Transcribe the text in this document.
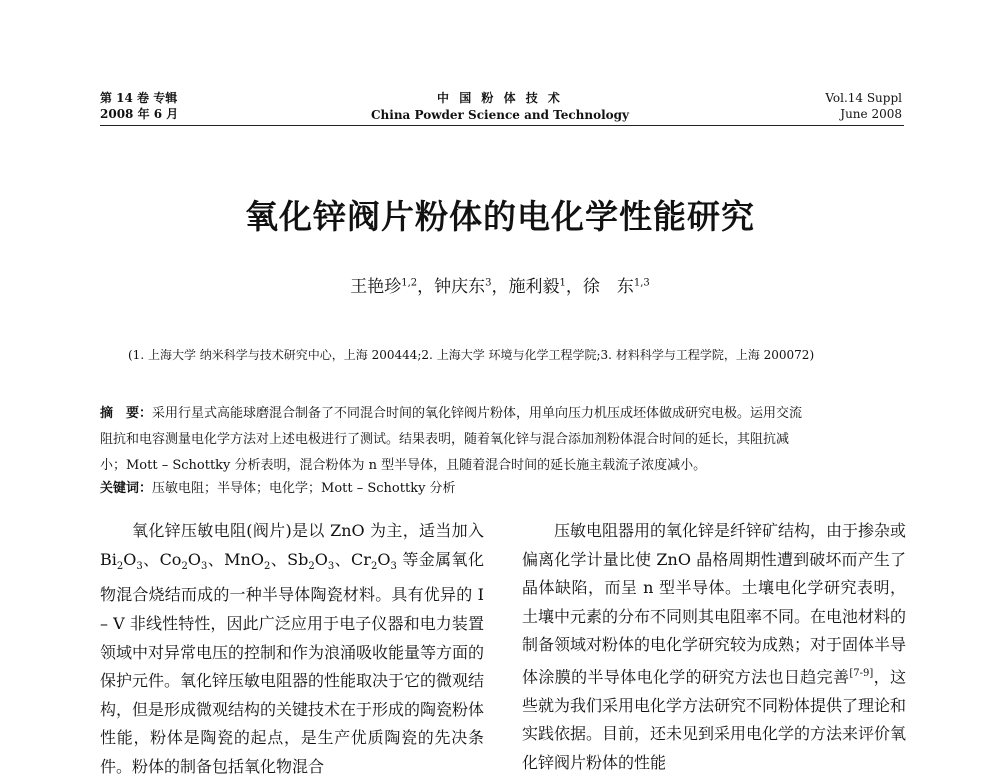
第 14 卷 专辑
2008 年 6 月
中 国 粉 体 技 术
China Powder Science and Technology
Vol.14 Suppl
June 2008
氧化锌阀片粉体的电化学性能研究
王艳珍$^{1,2}$，钟庆东$^3$，施利毅$^1$，徐　东$^{1,3}$
(1. 上海大学 纳米科学与技术研究中心，上海 200444;2. 上海大学 环境与化学工程学院;3. 材料科学与工程学院，上海 200072)
摘　要：采用行星式高能球磨混合制备了不同混合时间的氧化锌阀片粉体，用单向压力机压成坯体做成研究电极。运用交流
阻抗和电容测量电化学方法对上述电极进行了测试。结果表明，随着氧化锌与混合添加剂粉体混合时间的延长，其阻抗减
小；Mott – Schottky 分析表明，混合粉体为 n 型半导体，且随着混合时间的延长施主载流子浓度减小。
关键词：压敏电阻；半导体；电化学；Mott – Schottky 分析
氧化锌压敏电阻(阀片)是以 ZnO 为主，适当加入 $Bi_2O_3$、$Co_2O_3$、MnO$_2$、$Sb_2O_3$、$Cr_2O_3$ 等金属氧化物混合烧结而成的一种半导体陶瓷材料。具有优异的 I – V 非线性特性，因此广泛应用于电子仪器和电力装置领域中对异常电压的控制和作为浪涌吸收能量等方面的保护元件。氧化锌压敏电阻器的性能取决于它的微观结构，但是形成微观结构的关键技术在于形成的陶瓷粉体性能，粉体是陶瓷的起点，是生产优质陶瓷的先决条件。粉体的制备包括氧化物混合
压敏电阻器用的氧化锌是纤锌矿结构，由于掺杂或偏离化学计量比使 ZnO 晶格周期性遭到破坏而产生了晶体缺陷，而呈 n 型半导体。土壤电化学研究表明，土壤中元素的分布不同则其电阻率不同。在电池材料的制备领域对粉体的电化学研究较为成熟；对于固体半导体涂膜的半导体电化学的研究方法也日趋完善[7-9]，这些就为我们采用电化学方法研究不同粉体提供了理论和实践依据。目前，还未见到采用电化学的方法来评价氧化锌阀片粉体的性能
